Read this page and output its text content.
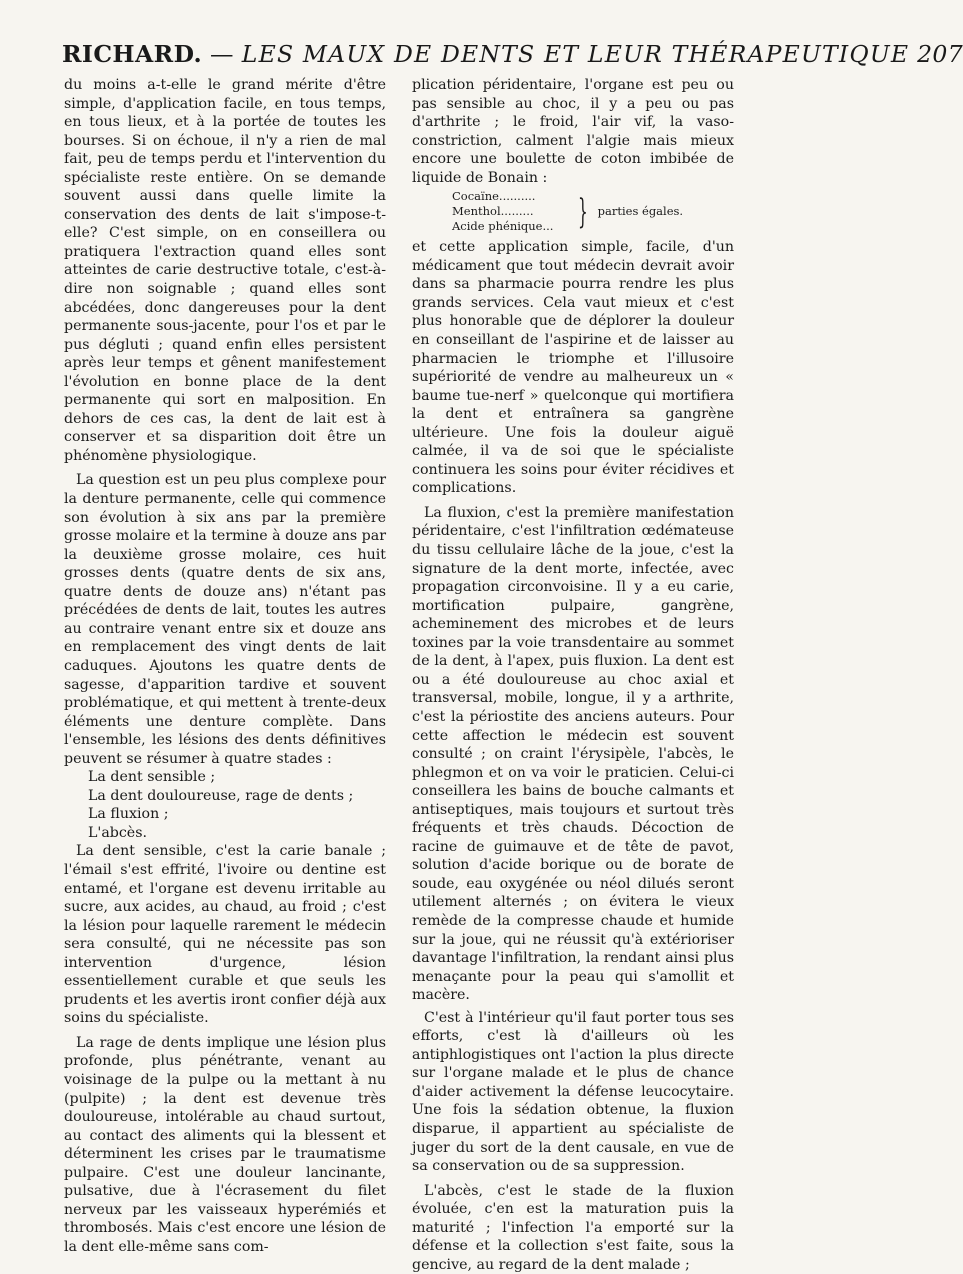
RICHARD. — LES MAUX DE DENTS ET LEUR THÉRAPEUTIQUE 207

du moins a-t-elle le grand mérite d'être simple, d'application facile, en tous temps, en tous lieux, et à la portée de toutes les bourses. Si on échoue, il n'y a rien de mal fait, peu de temps perdu et l'intervention du spécialiste reste entière. On se demande souvent aussi dans quelle limite la conservation des dents de lait s'impose-t-elle? C'est simple, on en conseillera ou pratiquera l'extraction quand elles sont atteintes de carie destructive totale, c'est-à-dire non soignable ; quand elles sont abcédées, donc dangereuses pour la dent permanente sous-jacente, pour l'os et par le pus dégluti ; quand enfin elles persistent après leur temps et gênent manifestement l'évolution en bonne place de la dent permanente qui sort en malposition. En dehors de ces cas, la dent de lait est à conserver et sa disparition doit être un phénomène physiologique.

La question est un peu plus complexe pour la denture permanente, celle qui commence son évolution à six ans par la première grosse molaire et la termine à douze ans par la deuxième grosse molaire, ces huit grosses dents (quatre dents de six ans, quatre dents de douze ans) n'étant pas précédées de dents de lait, toutes les autres au contraire venant entre six et douze ans en remplacement des vingt dents de lait caduques. Ajoutons les quatre dents de sagesse, d'apparition tardive et souvent problématique, et qui mettent à trente-deux éléments une denture complète. Dans l'ensemble, les lésions des dents définitives peuvent se résumer à quatre stades :

La dent sensible ;

La dent douloureuse, rage de dents ;

La fluxion ;

L'abcès.

La dent sensible, c'est la carie banale ; l'émail s'est effrité, l'ivoire ou dentine est entamé, et l'organe est devenu irritable au sucre, aux acides, au chaud, au froid ; c'est la lésion pour laquelle rarement le médecin sera consulté, qui ne nécessite pas son intervention d'urgence, lésion essentiellement curable et que seuls les prudents et les avertis iront confier déjà aux soins du spécialiste.

La rage de dents implique une lésion plus profonde, plus pénétrante, venant au voisinage de la pulpe ou la mettant à nu (pulpite) ; la dent est devenue très douloureuse, intolérable au chaud surtout, au contact des aliments qui la blessent et déterminent les crises par le traumatisme pulpaire. C'est une douleur lancinante, pulsative, due à l'écrasement du filet nerveux par les vaisseaux hyperémiés et thrombosés. Mais c'est encore une lésion de la dent elle-même sans com-

plication péridentaire, l'organe est peu ou pas sensible au choc, il y a peu ou pas d'arthrite ; le froid, l'air vif, la vaso-constriction, calment l'algie mais mieux encore une boulette de coton imbibée de liquide de Bonain :

Cocaïne..........
Menthol.........
Acide phénique... } parties égales.

et cette application simple, facile, d'un médicament que tout médecin devrait avoir dans sa pharmacie pourra rendre les plus grands services. Cela vaut mieux et c'est plus honorable que de déplorer la douleur en conseillant de l'aspirine et de laisser au pharmacien le triomphe et l'illusoire supériorité de vendre au malheureux un « baume tue-nerf » quelconque qui mortifiera la dent et entraînera sa gangrène ultérieure. Une fois la douleur aiguë calmée, il va de soi que le spécialiste continuera les soins pour éviter récidives et complications.

La fluxion, c'est la première manifestation péridentaire, c'est l'infiltration œdémateuse du tissu cellulaire lâche de la joue, c'est la signature de la dent morte, infectée, avec propagation circonvoisine. Il y a eu carie, mortification pulpaire, gangrène, acheminement des microbes et de leurs toxines par la voie transdentaire au sommet de la dent, à l'apex, puis fluxion. La dent est ou a été douloureuse au choc axial et transversal, mobile, longue, il y a arthrite, c'est la périostite des anciens auteurs. Pour cette affection le médecin est souvent consulté ; on craint l'érysipèle, l'abcès, le phlegmon et on va voir le praticien. Celui-ci conseillera les bains de bouche calmants et antiseptiques, mais toujours et surtout très fréquents et très chauds. Décoction de racine de guimauve et de tête de pavot, solution d'acide borique ou de borate de soude, eau oxygénée ou néol dilués seront utilement alternés ; on évitera le vieux remède de la compresse chaude et humide sur la joue, qui ne réussit qu'à extérioriser davantage l'infiltration, la rendant ainsi plus menaçante pour la peau qui s'amollit et macère.

C'est à l'intérieur qu'il faut porter tous ses efforts, c'est là d'ailleurs où les antiphlogistiques ont l'action la plus directe sur l'organe malade et le plus de chance d'aider activement la défense leucocytaire. Une fois la sédation obtenue, la fluxion disparue, il appartient au spécialiste de juger du sort de la dent causale, en vue de sa conservation ou de sa suppression.

L'abcès, c'est le stade de la fluxion évoluée, c'en est la maturation puis la maturité ; l'infection l'a emporté sur la défense et la collection s'est faite, sous la gencive, au regard de la dent malade ;
